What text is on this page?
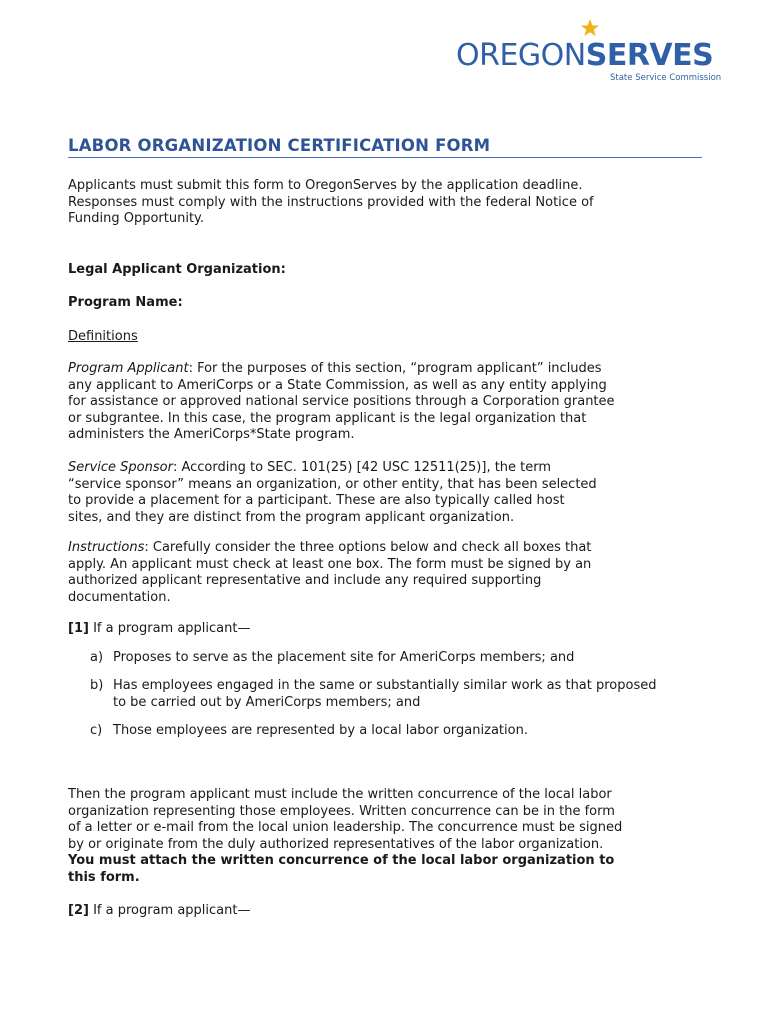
OREGONSERVES
State Service Commission
LABOR ORGANIZATION CERTIFICATION FORM

Applicants must submit this form to OregonServes by the application deadline.

Responses must comply with the instructions provided with the federal Notice of

Funding Opportunity.

Legal Applicant Organization:
Program Name:
Definitions

Program Applicant: For the purposes of this section, “program applicant” includes

any applicant to AmeriCorps or a State Commission, as well as any entity applying

for assistance or approved national service positions through a Corporation grantee

or subgrantee. In this case, the program applicant is the legal organization that

administers the AmeriCorps*State program.

Service Sponsor: According to SEC. 101(25) [42 USC 12511(25)], the term

“service sponsor” means an organization, or other entity, that has been selected

to provide a placement for a participant. These are also typically called host

sites, and they are distinct from the program applicant organization.

Instructions: Carefully consider the three options below and check all boxes that

apply. An applicant must check at least one box. The form must be signed by an

authorized applicant representative and include any required supporting

documentation.

[1] If a program applicant—

a) Proposes to serve as the placement site for AmeriCorps members; and

b) Has employees engaged in the same or substantially similar work as that proposed

to be carried out by AmeriCorps members; and

c) Those employees are represented by a local labor organization.

Then the program applicant must include the written concurrence of the local labor

organization representing those employees. Written concurrence can be in the form

of a letter or e-mail from the local union leadership. The concurrence must be signed

by or originate from the duly authorized representatives of the labor organization.

You must attach the written concurrence of the local labor organization to

this form.

[2] If a program applicant—
